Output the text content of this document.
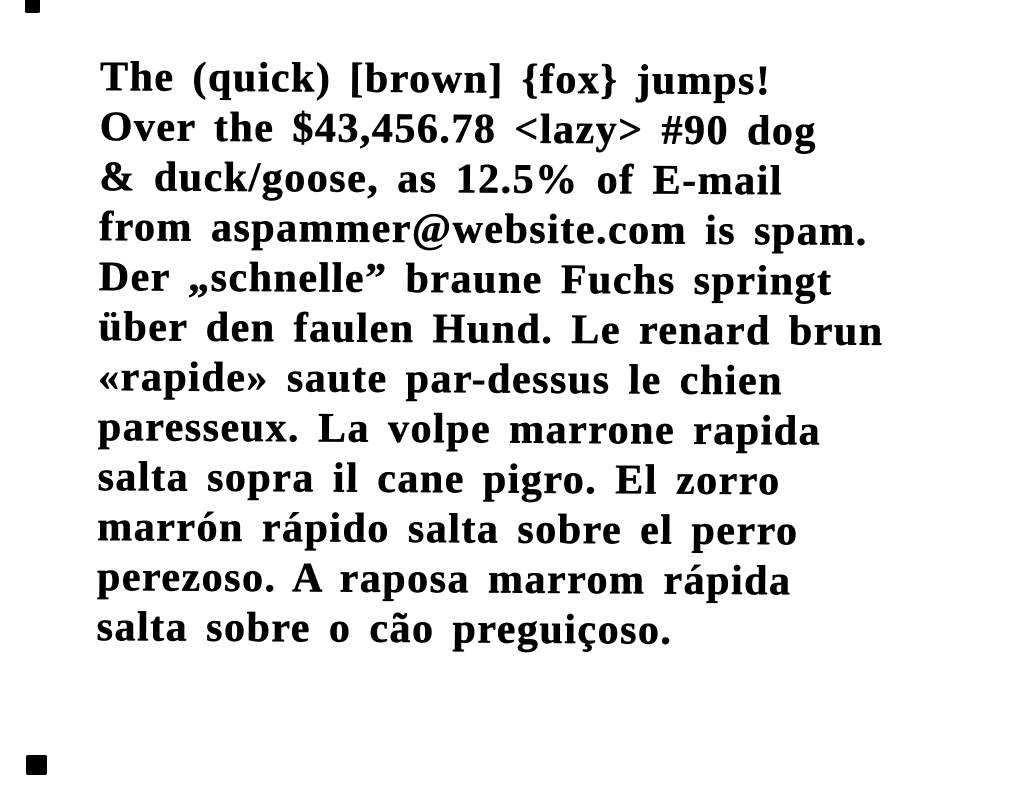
The (quick) [brown] {fox} jumps!
Over the $43,456.78 <lazy> #90 dog
& duck/goose, as 12.5% of E-mail
from aspammer@website.com is spam.
Der „schnelle” braune Fuchs springt
über den faulen Hund. Le renard brun
«rapide» saute par-dessus le chien
paresseux. La volpe marrone rapida
salta sopra il cane pigro. El zorro
marrón rápido salta sobre el perro
perezoso. A raposa marrom rápida
salta sobre o cão preguiçoso.
